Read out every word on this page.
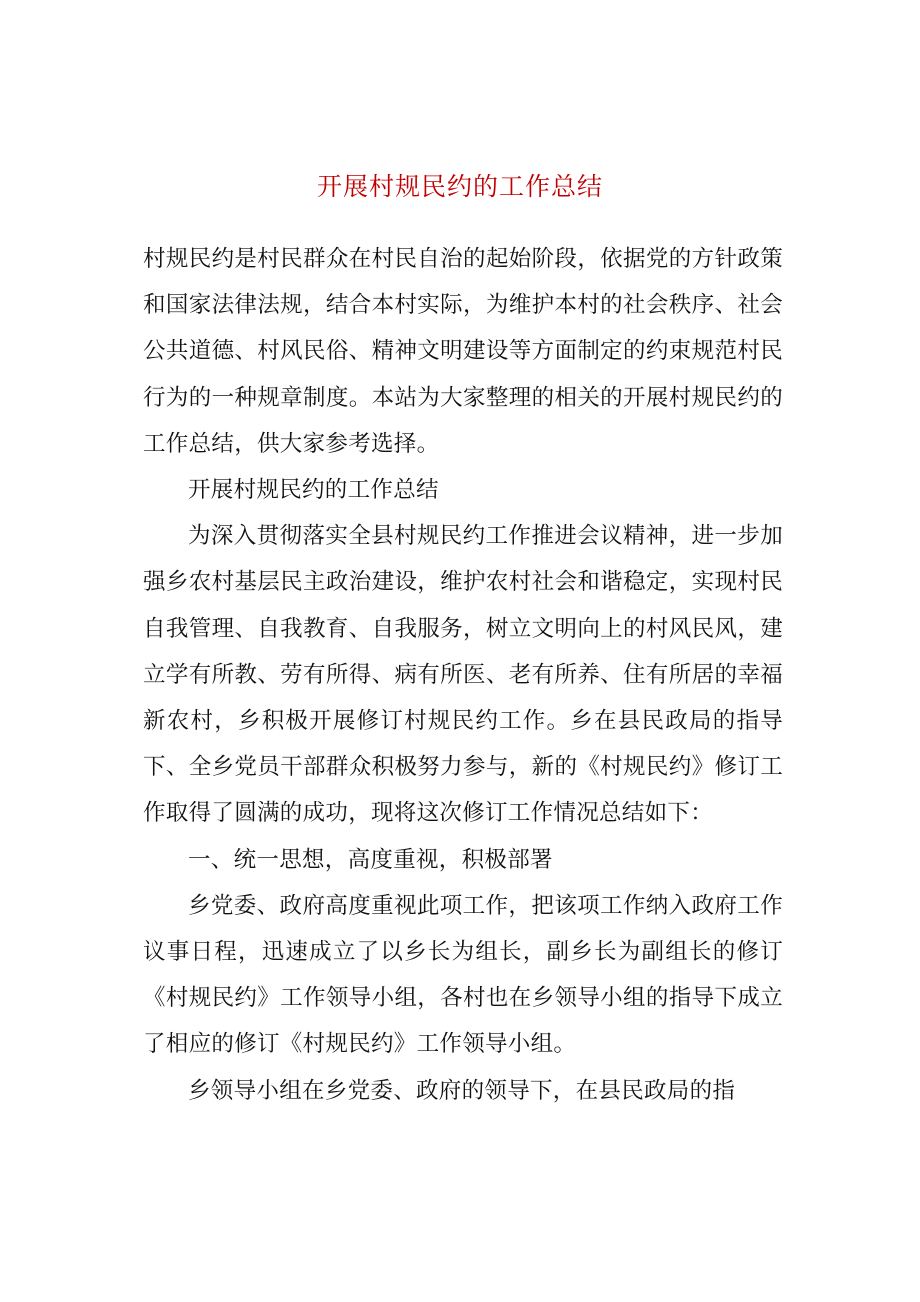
开展村规民约的工作总结

村规民约是村民群众在村民自治的起始阶段，依据党的方针政策和国家法律法规，结合本村实际，为维护本村的社会秩序、社会公共道德、村风民俗、精神文明建设等方面制定的约束规范村民行为的一种规章制度。本站为大家整理的相关的开展村规民约的工作总结，供大家参考选择。

开展村规民约的工作总结

为深入贯彻落实全县村规民约工作推进会议精神，进一步加强乡农村基层民主政治建设，维护农村社会和谐稳定，实现村民自我管理、自我教育、自我服务，树立文明向上的村风民风，建立学有所教、劳有所得、病有所医、老有所养、住有所居的幸福新农村，乡积极开展修订村规民约工作。乡在县民政局的指导下、全乡党员干部群众积极努力参与，新的《村规民约》修订工作取得了圆满的成功，现将这次修订工作情况总结如下：

一、统一思想，高度重视，积极部署

乡党委、政府高度重视此项工作，把该项工作纳入政府工作议事日程，迅速成立了以乡长为组长，副乡长为副组长的修订《村规民约》工作领导小组，各村也在乡领导小组的指导下成立了相应的修订《村规民约》工作领导小组。

乡领导小组在乡党委、政府的领导下，在县民政局的指
